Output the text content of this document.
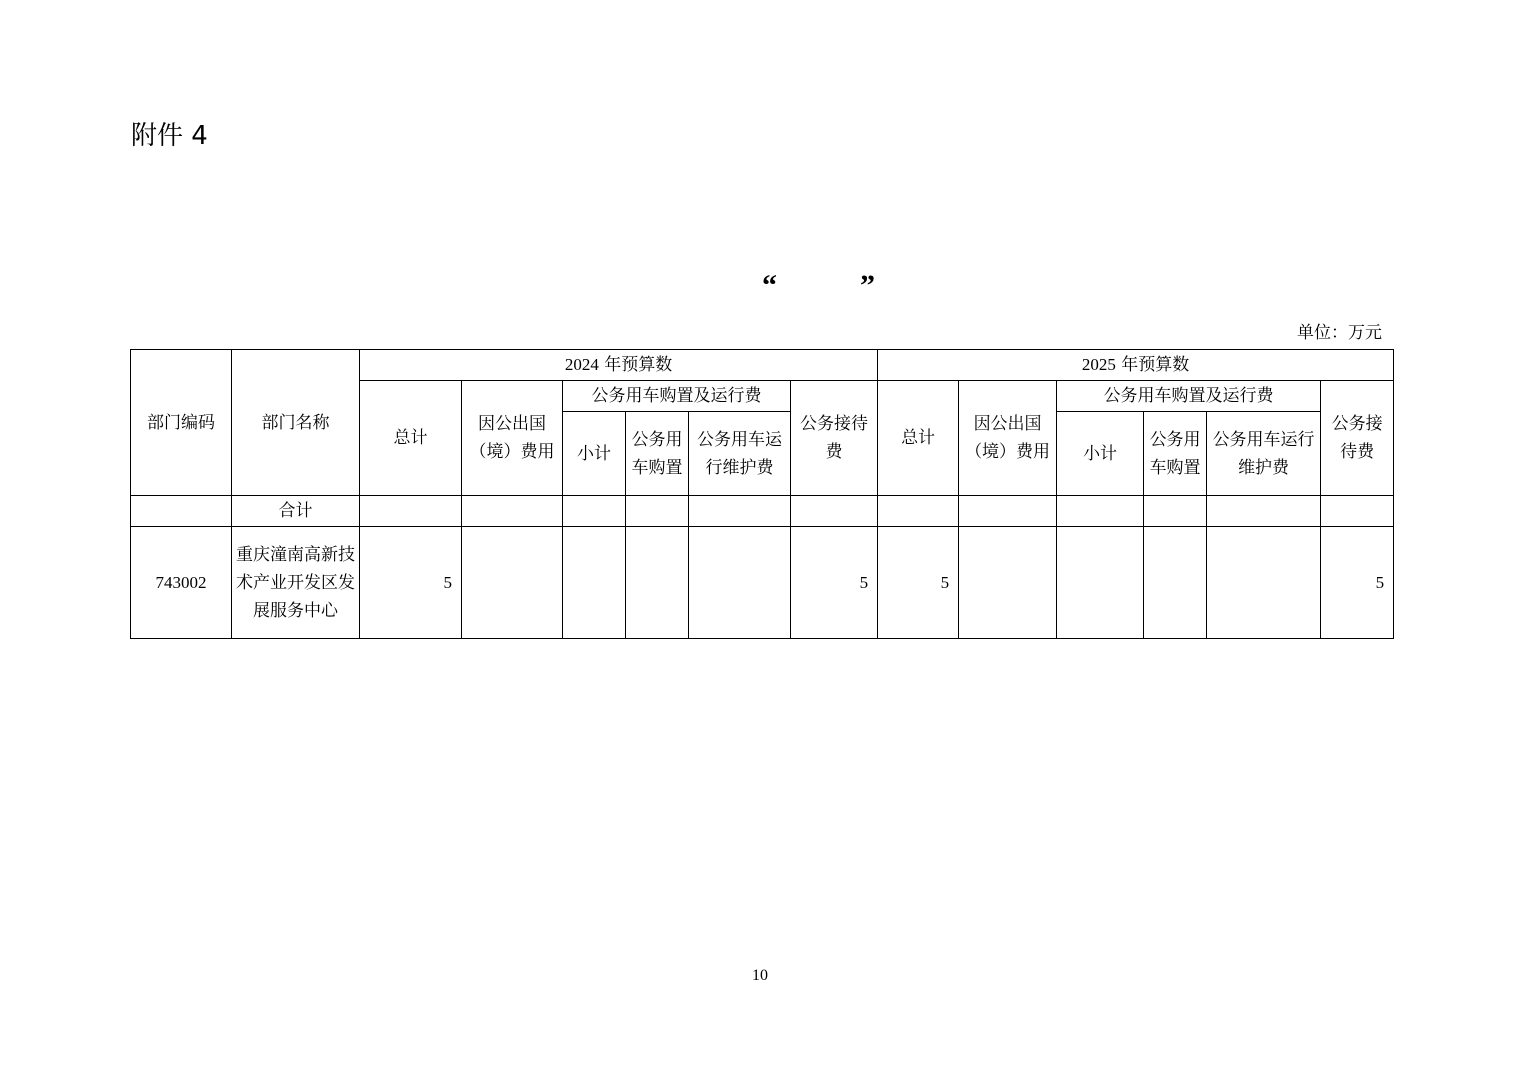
附件 4
“	”
单位：万元
部门编码	部门名称	2024 年预算数						2025 年预算数					
		总计	因公出国（境）费用	公务用车购置及运行费			公务接待费	总计	因公出国（境）费用	公务用车购置及运行费			公务接待费
				小计	公务用车购置	公务用车运行维护费				小计	公务用车购置	公务用车运行维护费	
	合计												
743002	重庆潼南高新技术产业开发区发展服务中心	5					5	5					5
10
